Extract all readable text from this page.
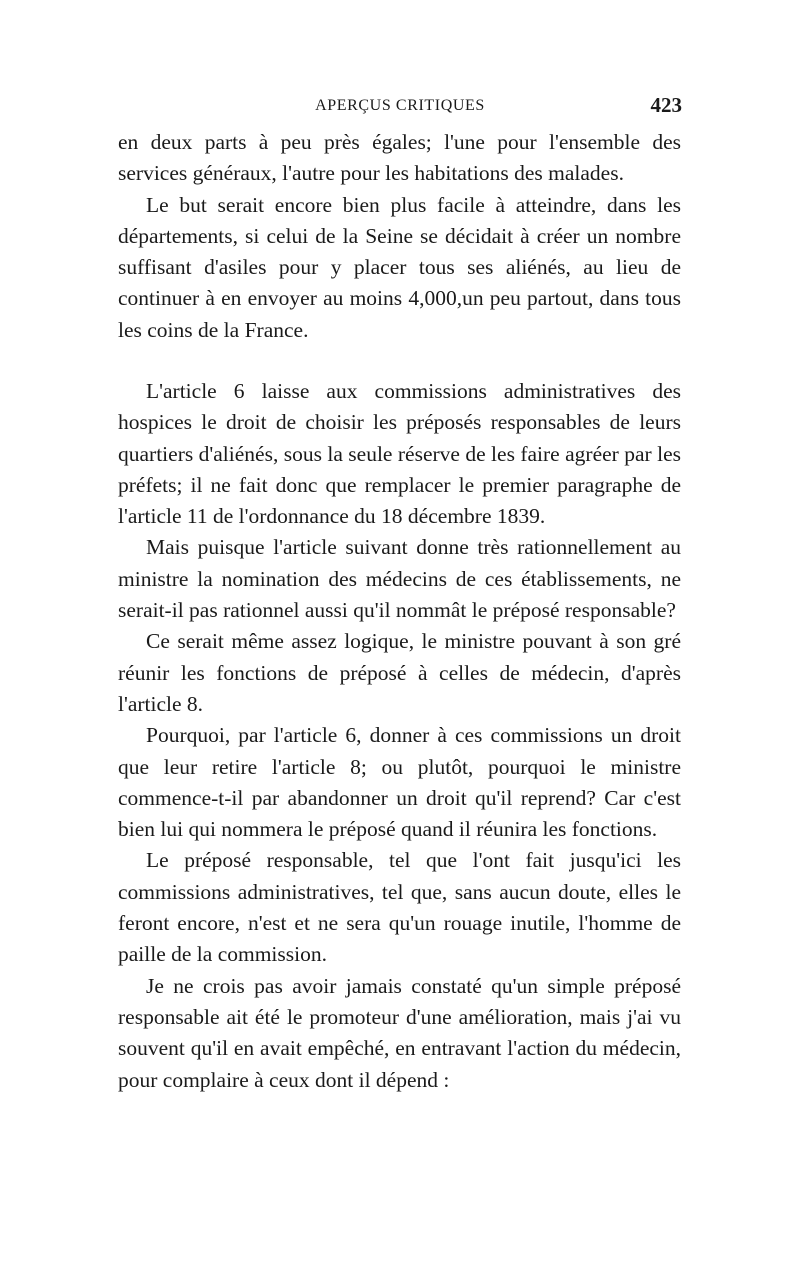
APERÇUS CRITIQUES	423

en deux parts à peu près égales; l'une pour l'ensemble des services généraux, l'autre pour les habitations des malades.

Le but serait encore bien plus facile à atteindre, dans les départements, si celui de la Seine se décidait à créer un nombre suffisant d'asiles pour y placer tous ses aliénés, au lieu de continuer à en envoyer au moins 4,000,un peu partout, dans tous les coins de la France.

L'article 6 laisse aux commissions administratives des hospices le droit de choisir les préposés responsables de leurs quartiers d'aliénés, sous la seule réserve de les faire agréer par les préfets; il ne fait donc que remplacer le premier paragraphe de l'article 11 de l'ordonnance du 18 décembre 1839.

Mais puisque l'article suivant donne très rationnellement au ministre la nomination des médecins de ces établissements, ne serait-il pas rationnel aussi qu'il nommât le préposé responsable?

Ce serait même assez logique, le ministre pouvant à son gré réunir les fonctions de préposé à celles de médecin, d'après l'article 8.

Pourquoi, par l'article 6, donner à ces commissions un droit que leur retire l'article 8; ou plutôt, pourquoi le ministre commence-t-il par abandonner un droit qu'il reprend? Car c'est bien lui qui nommera le préposé quand il réunira les fonctions.

Le préposé responsable, tel que l'ont fait jusqu'ici les commissions administratives, tel que, sans aucun doute, elles le feront encore, n'est et ne sera qu'un rouage inutile, l'homme de paille de la commission.

Je ne crois pas avoir jamais constaté qu'un simple préposé responsable ait été le promoteur d'une amélioration, mais j'ai vu souvent qu'il en avait empêché, en entravant l'action du médecin, pour complaire à ceux dont il dépend :
